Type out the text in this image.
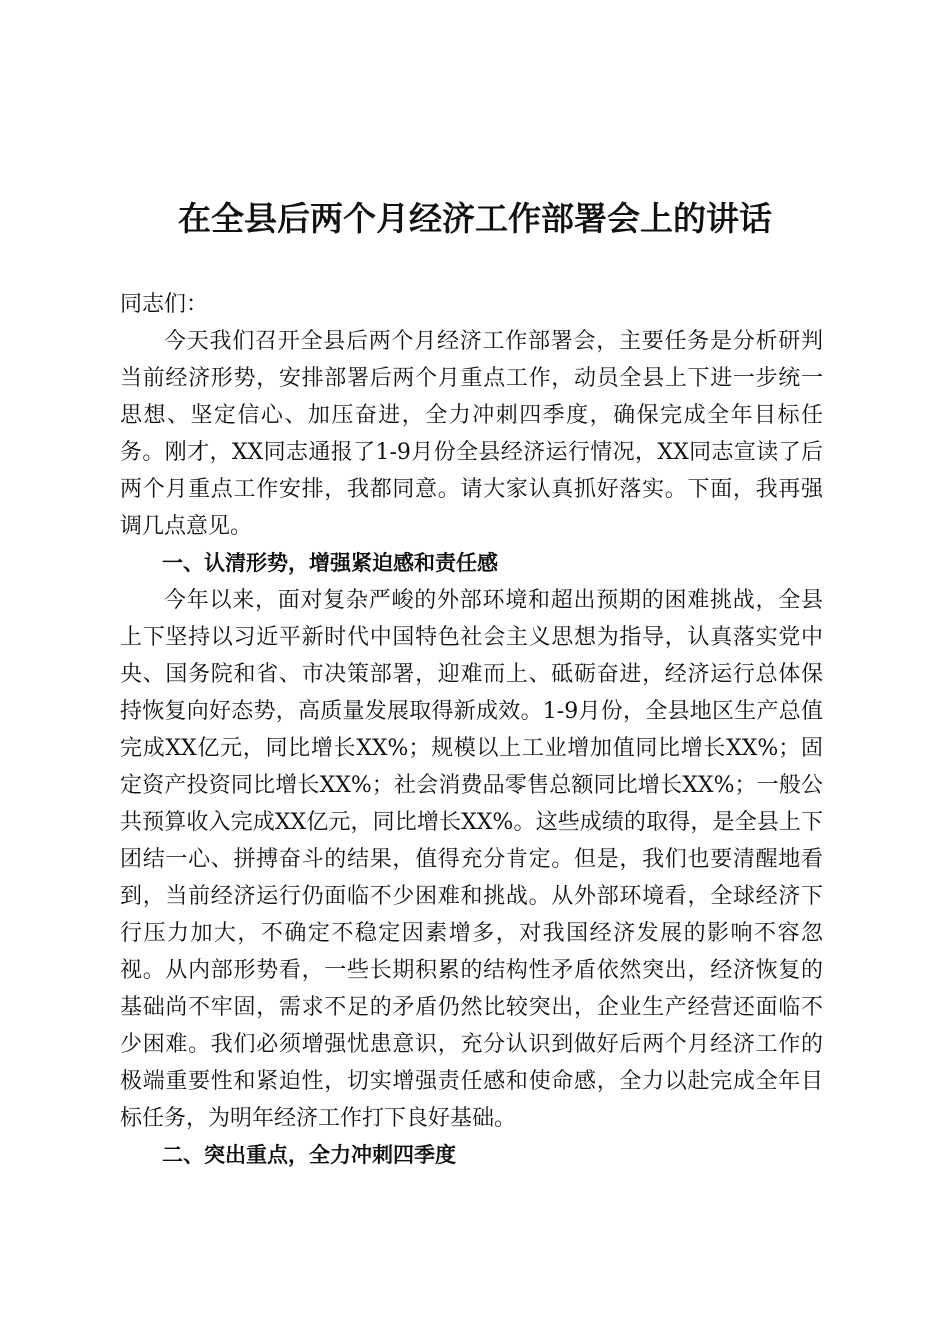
在全县后两个月经济工作部署会上的讲话

同志们：

今天我们召开全县后两个月经济工作部署会，主要任务是分析研判当前经济形势，安排部署后两个月重点工作，动员全县上下进一步统一思想、坚定信心、加压奋进，全力冲刺四季度，确保完成全年目标任务。刚才，XX同志通报了1-9月份全县经济运行情况，XX同志宣读了后两个月重点工作安排，我都同意。请大家认真抓好落实。下面，我再强调几点意见。

一、认清形势，增强紧迫感和责任感

今年以来，面对复杂严峻的外部环境和超出预期的困难挑战，全县上下坚持以习近平新时代中国特色社会主义思想为指导，认真落实党中央、国务院和省、市决策部署，迎难而上、砥砺奋进，经济运行总体保持恢复向好态势，高质量发展取得新成效。1-9月份，全县地区生产总值完成XX亿元，同比增长XX%；规模以上工业增加值同比增长XX%；固定资产投资同比增长XX%；社会消费品零售总额同比增长XX%；一般公共预算收入完成XX亿元，同比增长XX%。这些成绩的取得，是全县上下团结一心、拼搏奋斗的结果，值得充分肯定。但是，我们也要清醒地看到，当前经济运行仍面临不少困难和挑战。从外部环境看，全球经济下行压力加大，不确定不稳定因素增多，对我国经济发展的影响不容忽视。从内部形势看，一些长期积累的结构性矛盾依然突出，经济恢复的基础尚不牢固，需求不足的矛盾仍然比较突出，企业生产经营还面临不少困难。我们必须增强忧患意识，充分认识到做好后两个月经济工作的极端重要性和紧迫性，切实增强责任感和使命感，全力以赴完成全年目标任务，为明年经济工作打下良好基础。

二、突出重点，全力冲刺四季度
